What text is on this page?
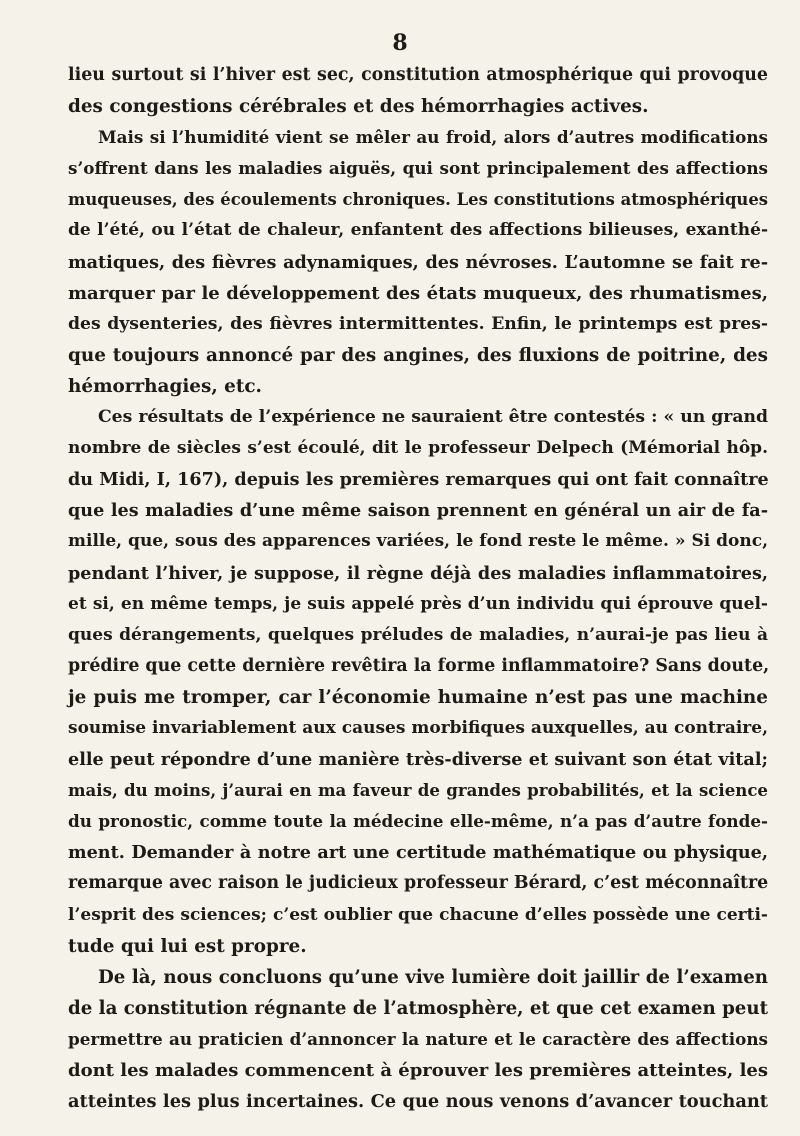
8
lieu surtout si l’hiver est sec, constitution atmosphérique qui provoque
des congestions cérébrales et des hémorrhagies actives.
Mais si l’humidité vient se mêler au froid, alors d’autres modifications
s’offrent dans les maladies aiguës, qui sont principalement des affections
muqueuses, des écoulements chroniques. Les constitutions atmosphériques
de l’été, ou l’état de chaleur, enfantent des affections bilieuses, exanthé-
matiques, des fièvres adynamiques, des névroses. L’automne se fait re-
marquer par le développement des états muqueux, des rhumatismes,
des dysenteries, des fièvres intermittentes. Enfin, le printemps est pres-
que toujours annoncé par des angines, des fluxions de poitrine, des
hémorrhagies, etc.
Ces résultats de l’expérience ne sauraient être contestés : « un grand
nombre de siècles s’est écoulé, dit le professeur Delpech (Mémorial hôp.
du Midi, I, 167), depuis les premières remarques qui ont fait connaître
que les maladies d’une même saison prennent en général un air de fa-
mille, que, sous des apparences variées, le fond reste le même. » Si donc,
pendant l’hiver, je suppose, il règne déjà des maladies inflammatoires,
et si, en même temps, je suis appelé près d’un individu qui éprouve quel-
ques dérangements, quelques préludes de maladies, n’aurai-je pas lieu à
prédire que cette dernière revêtira la forme inflammatoire? Sans doute,
je puis me tromper, car l’économie humaine n’est pas une machine
soumise invariablement aux causes morbifiques auxquelles, au contraire,
elle peut répondre d’une manière très-diverse et suivant son état vital;
mais, du moins, j’aurai en ma faveur de grandes probabilités, et la science
du pronostic, comme toute la médecine elle-même, n’a pas d’autre fonde-
ment. Demander à notre art une certitude mathématique ou physique,
remarque avec raison le judicieux professeur Bérard, c’est méconnaître
l’esprit des sciences; c’est oublier que chacune d’elles possède une certi-
tude qui lui est propre.
De là, nous concluons qu’une vive lumière doit jaillir de l’examen
de la constitution régnante de l’atmosphère, et que cet examen peut
permettre au praticien d’annoncer la nature et le caractère des affections
dont les malades commencent à éprouver les premières atteintes, les
atteintes les plus incertaines. Ce que nous venons d’avancer touchant
